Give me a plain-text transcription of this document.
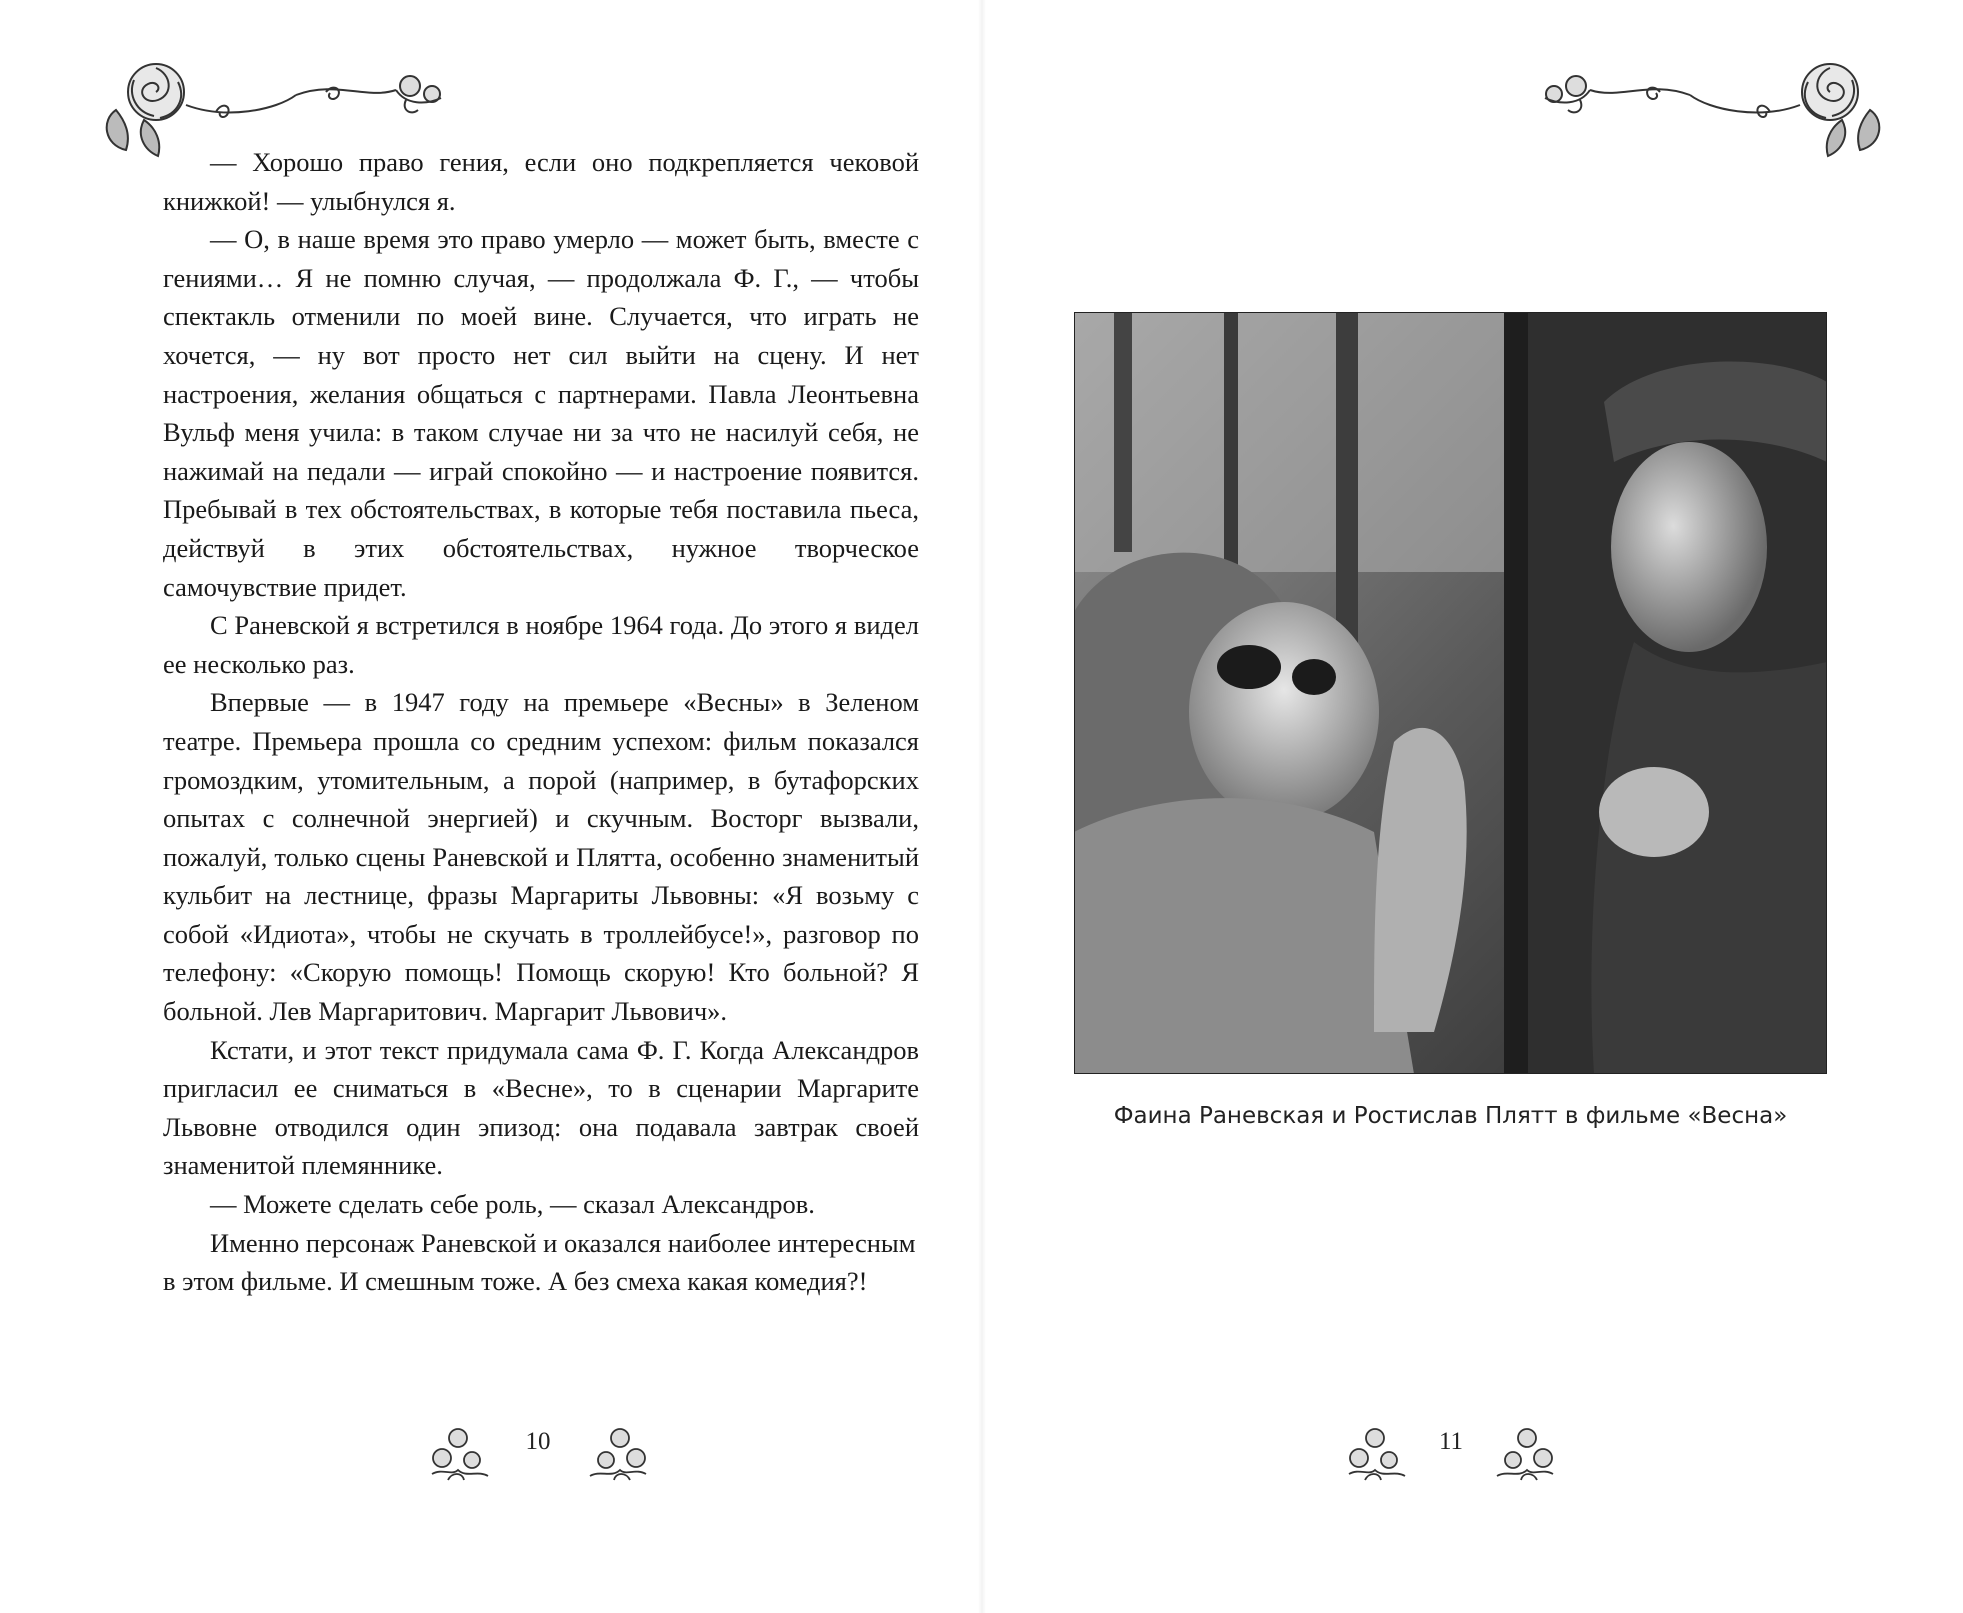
— Хорошо право гения, если оно подкрепляется чековой книжкой! — улыбнулся я.

— О, в наше время это право умерло — может быть, вместе с гениями… Я не помню случая, — продолжала Ф. Г., — чтобы спектакль отменили по моей вине. Случается, что играть не хочется, — ну вот просто нет сил выйти на сцену. И нет настроения, желания общаться с партнерами. Павла Леонтьевна Вульф меня учила: в таком случае ни за что не насилуй себя, не нажимай на педали — играй спокойно — и настроение появится. Пребывай в тех обстоятельствах, в которые тебя поставила пьеса, действуй в этих обстоятельствах, нужное творческое самочувствие придет.

С Раневской я встретился в ноябре 1964 года. До этого я видел ее несколько раз.

Впервые — в 1947 году на премьере «Весны» в Зеленом театре. Премьера прошла со средним успехом: фильм показался громоздким, утомительным, а порой (например, в бутафорских опытах с солнечной энергией) и скучным. Восторг вызвали, пожалуй, только сцены Раневской и Плятта, особенно знаменитый кульбит на лестнице, фразы Маргариты Львовны: «Я возьму с собой «Идиота», чтобы не скучать в троллейбусе!», разговор по телефону: «Скорую помощь! Помощь скорую! Кто больной? Я больной. Лев Маргаритович. Маргарит Львович».

Кстати, и этот текст придумала сама Ф. Г. Когда Александров пригласил ее сниматься в «Весне», то в сценарии Маргарите Львовне отводился один эпизод: она подавала завтрак своей знаменитой племяннике.

— Можете сделать себе роль, — сказал Александров.

Именно персонаж Раневской и оказался наиболее интересным в этом фильме. И смешным тоже. А без смеха какая комедия?!

10
Фаина Раневская и Ростислав Плятт в фильме «Весна»
11
